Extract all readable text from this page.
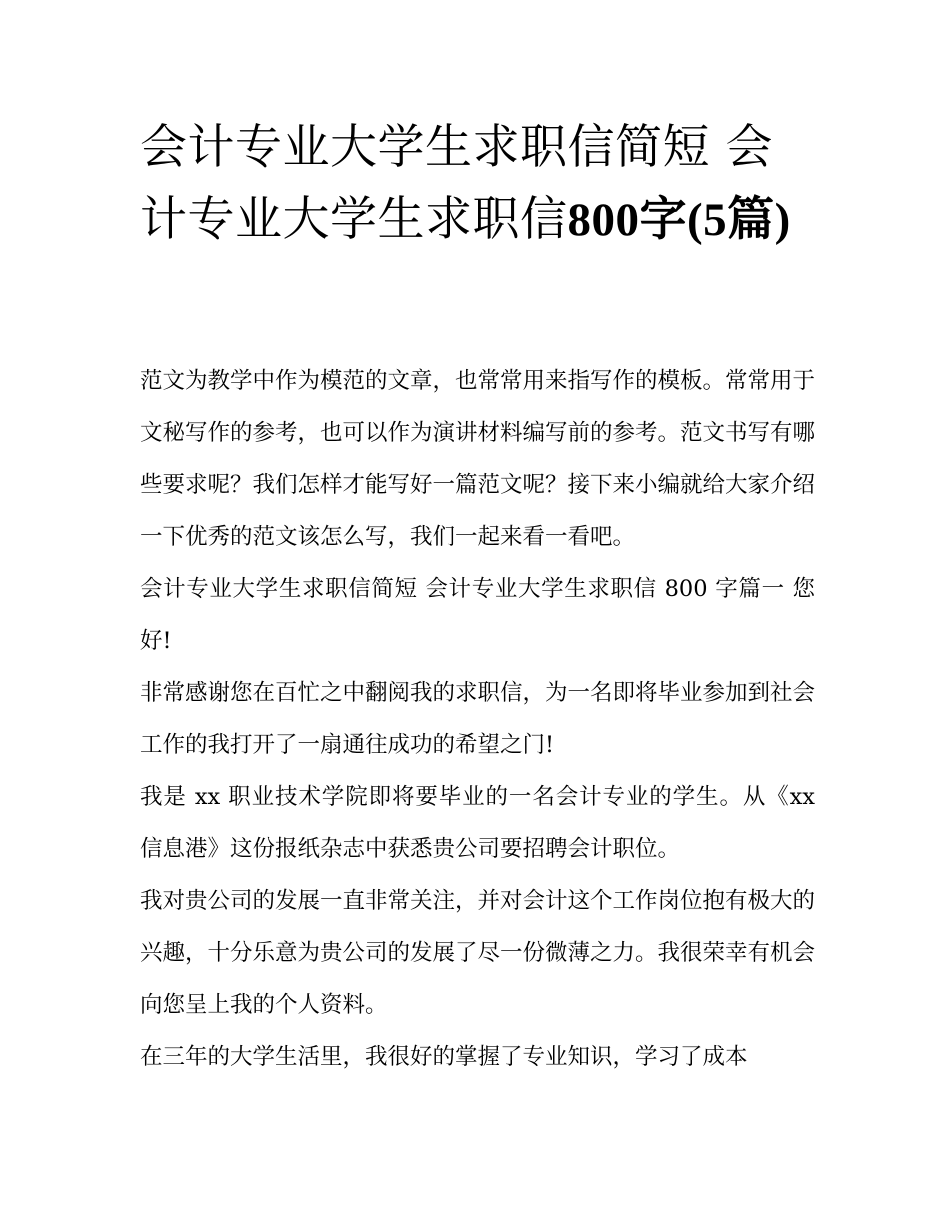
会计专业大学生求职信简短 会计专业大学生求职信800字(5篇)

范文为教学中作为模范的文章，也常常用来指写作的模板。常常用于文秘写作的参考，也可以作为演讲材料编写前的参考。范文书写有哪些要求呢？我们怎样才能写好一篇范文呢？接下来小编就给大家介绍一下优秀的范文该怎么写，我们一起来看一看吧。

会计专业大学生求职信简短 会计专业大学生求职信 800 字篇一 您好!

非常感谢您在百忙之中翻阅我的求职信，为一名即将毕业参加到社会工作的我打开了一扇通往成功的希望之门!

我是 xx 职业技术学院即将要毕业的一名会计专业的学生。从《xx 信息港》这份报纸杂志中获悉贵公司要招聘会计职位。

我对贵公司的发展一直非常关注，并对会计这个工作岗位抱有极大的兴趣，十分乐意为贵公司的发展了尽一份微薄之力。我很荣幸有机会向您呈上我的个人资料。

在三年的大学生活里，我很好的掌握了专业知识，学习了成本
